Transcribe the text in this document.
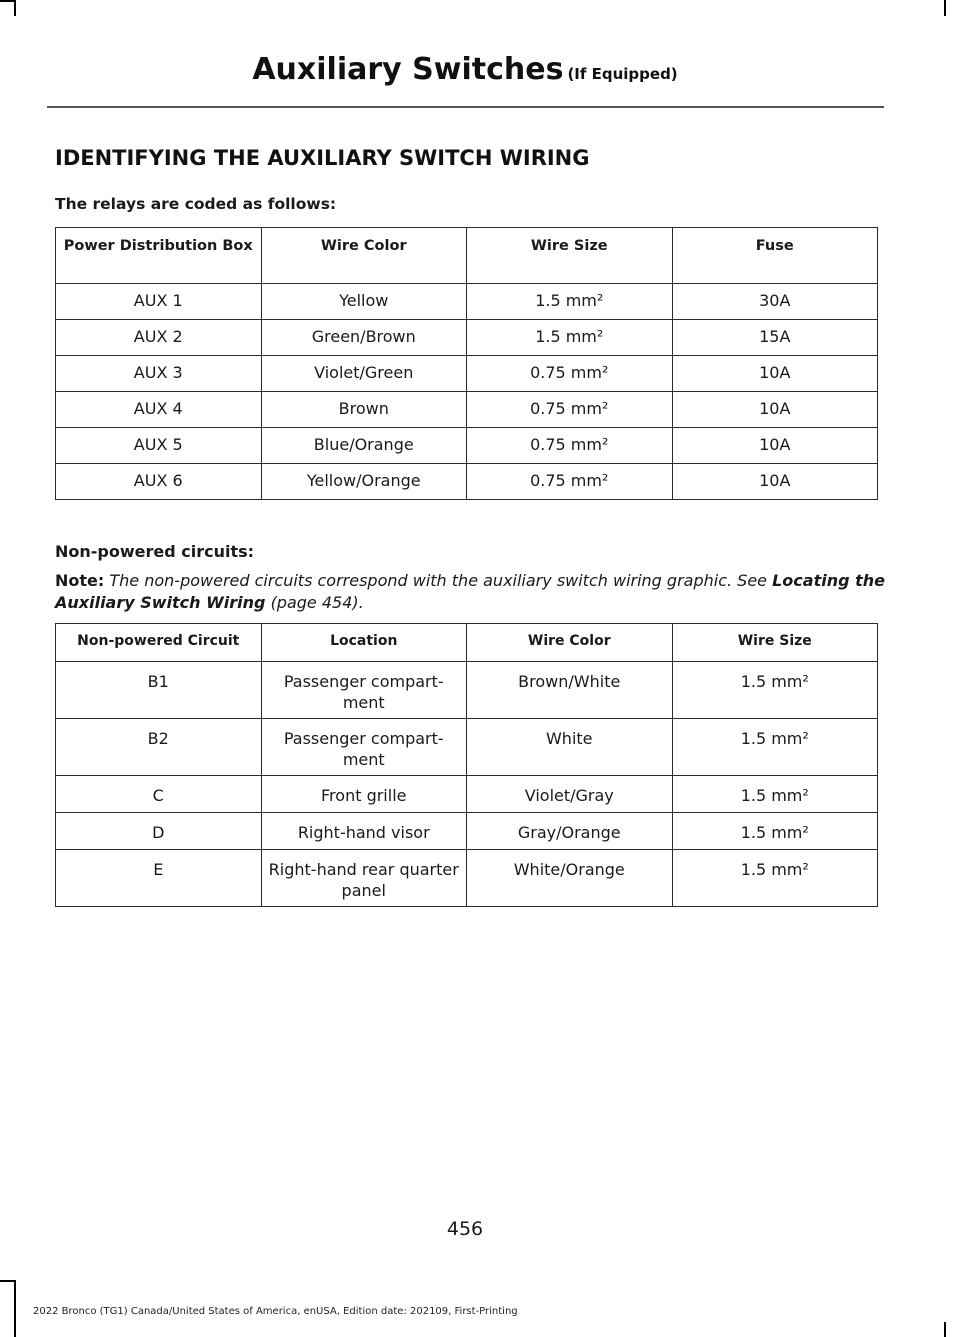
Auxiliary Switches (If Equipped)
IDENTIFYING THE AUXILIARY SWITCH WIRING
The relays are coded as follows:
Power Distribution Box	Wire Color	Wire Size	Fuse
AUX 1	Yellow	1.5 mm²	30A
AUX 2	Green/Brown	1.5 mm²	15A
AUX 3	Violet/Green	0.75 mm²	10A
AUX 4	Brown	0.75 mm²	10A
AUX 5	Blue/Orange	0.75 mm²	10A
AUX 6	Yellow/Orange	0.75 mm²	10A
Non-powered circuits:
Note: The non-powered circuits correspond with the auxiliary switch wiring graphic. See Locating the Auxiliary Switch Wiring (page 454).
Non-powered Circuit	Location	Wire Color	Wire Size
B1	Passenger compart-ment	Brown/White	1.5 mm²
B2	Passenger compart-ment	White	1.5 mm²
C	Front grille	Violet/Gray	1.5 mm²
D	Right-hand visor	Gray/Orange	1.5 mm²
E	Right-hand rear quarter panel	White/Orange	1.5 mm²
456
2022 Bronco (TG1) Canada/United States of America, enUSA, Edition date: 202109, First-Printing
